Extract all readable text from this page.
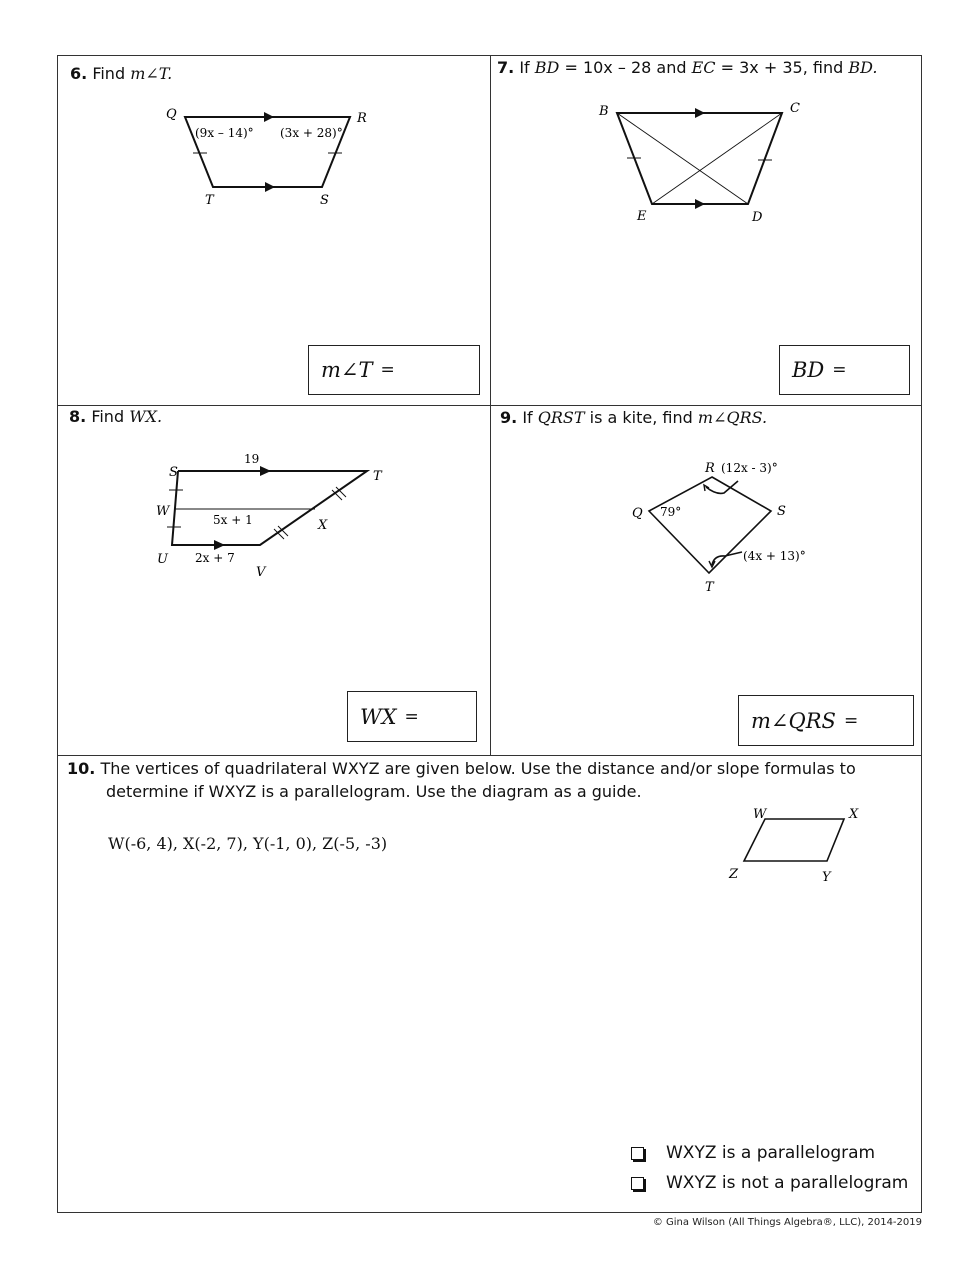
6. Find m∠T.
Q	R
T	S
(9x – 14)° (3x + 28)°
m∠T =
7. If BD = 10x – 28 and EC = 3x + 35, find BD.
B	C
E	D
BD =
8. Find WX.
S	T
W
X
U
V
19
5x + 1
2x + 7
WX =
9. If QRST is a kite, find m∠QRS.
R
Q	S
T
(12x - 3)°
79°
(4x + 13)°
m∠QRS =
10. The vertices of quadrilateral WXYZ are given below. Use the distance and/or slope formulas to
determine if WXYZ is a parallelogram. Use the diagram as a guide.
W(-6, 4), X(-2, 7), Y(-1, 0), Z(-5, -3)
W	X
Y
Z
WXYZ is a parallelogram
WXYZ is not a parallelogram
© Gina Wilson (All Things Algebra®, LLC), 2014-2019
